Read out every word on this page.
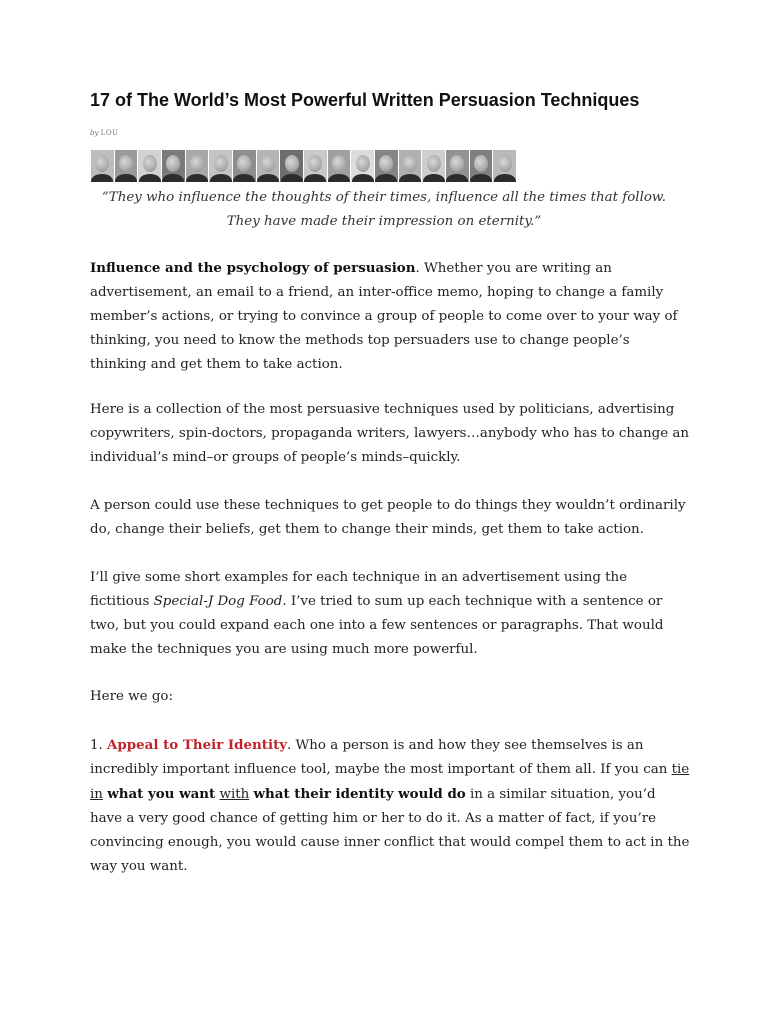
17 of The World’s Most Powerful Written Persuasion Techniques
by LOU
“They who influence the thoughts of their times, influence all the times that follow.
They have made their impression on eternity.”

Influence and the psychology of persuasion. Whether you are writing an advertisement, an email to a friend, an inter-office memo, hoping to change a family member’s actions, or trying to convince a group of people to come over to your way of thinking, you need to know the methods top persuaders use to change people’s thinking and get them to take action.

Here is a collection of the most persuasive techniques used by politicians, advertising copywriters, spin-doctors, propaganda writers, lawyers…anybody who has to change an individual’s mind–or groups of people’s minds–quickly.

A person could use these techniques to get people to do things they wouldn’t ordinarily do, change their beliefs, get them to change their minds, get them to take action.

I’ll give some short examples for each technique in an advertisement using the fictitious Special-J Dog Food. I’ve tried to sum up each technique with a sentence or two, but you could expand each one into a few sentences or paragraphs. That would make the techniques you are using much more powerful.

Here we go:

1. Appeal to Their Identity. Who a person is and how they see themselves is an incredibly important influence tool, maybe the most important of them all. If you can tie in what you want with what their identity would do in a similar situation, you’d have a very good chance of getting him or her to do it. As a matter of fact, if you’re convincing enough, you would cause inner conflict that would compel them to act in the way you want.
